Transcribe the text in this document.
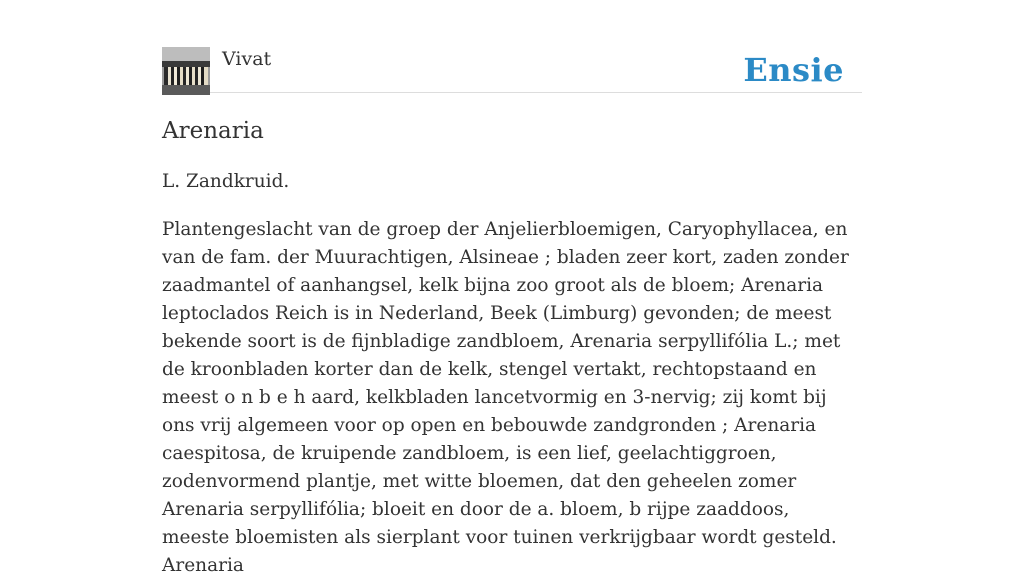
Vivat	Ensie
Arenaria

L. Zandkruid.

Plantengeslacht van de groep der Anjelierbloemigen, Caryophyllacea, en van de fam. der Muurachtigen, Alsineae ; bladen zeer kort, zaden zonder zaadmantel of aanhangsel, kelk bijna zoo groot als de bloem; Arenaria leptoclados Reich is in Nederland, Beek (Limburg) gevonden; de meest bekende soort is de fijnbladige zandbloem, Arenaria serpyllifólia L.; met de kroonbladen korter dan de kelk, stengel vertakt, rechtopstaand en meest o n b e h aard, kelkbladen lancetvormig en 3-nervig; zij komt bij ons vrij algemeen voor op open en bebouwde zandgronden ; Arenaria caespitosa, de kruipende zandbloem, is een lief, geelachtiggroen, zodenvormend plantje, met witte bloemen, dat den geheelen zomer Arenaria serpyllifólia; bloeit en door de a. bloem, b rijpe zaaddoos, meeste bloemisten als sierplant voor tuinen verkrijgbaar wordt gesteld. Arenaria
